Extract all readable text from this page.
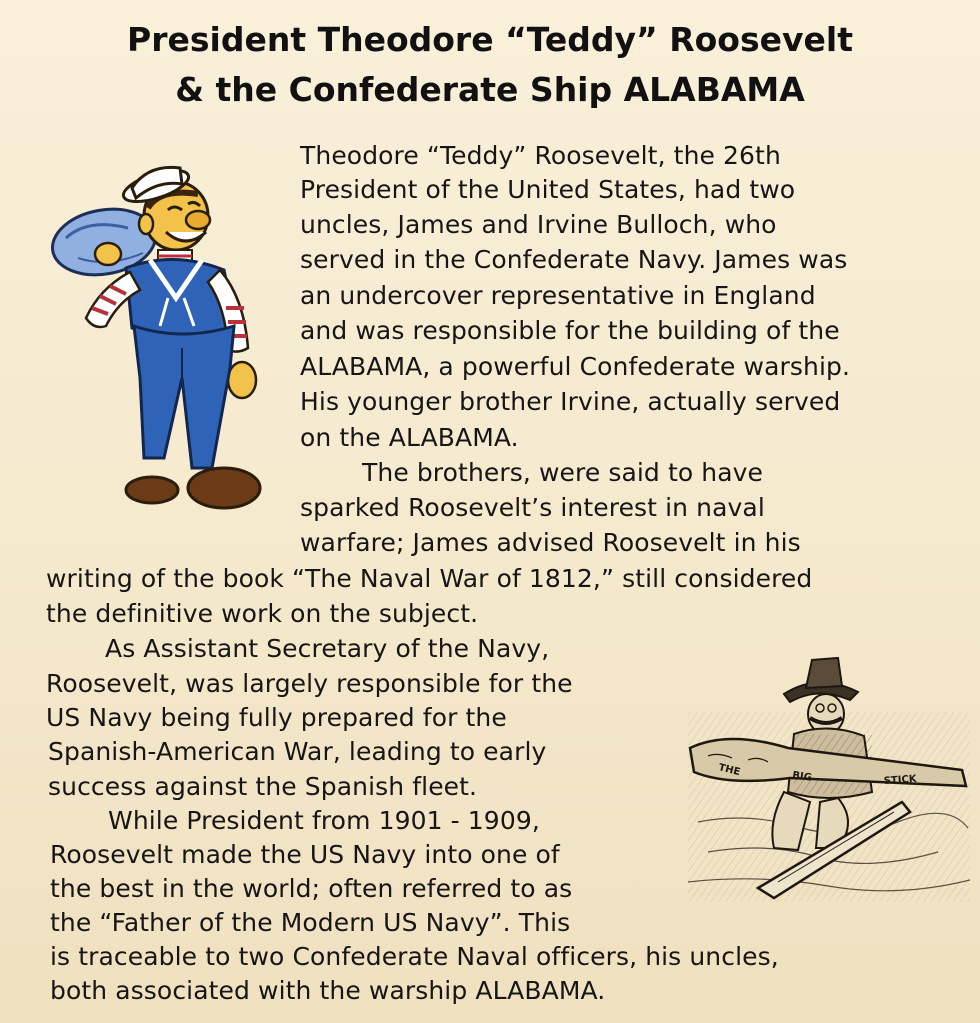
President Theodore “Teddy” Roosevelt
& the Confederate Ship ALABAMA
Theodore “Teddy” Roosevelt, the 26th
President of the United States, had two
uncles, James and Irvine Bulloch, who
served in the Confederate Navy. James was
an undercover representative in England
and was responsible for the building of the
ALABAMA, a powerful Confederate warship.
His younger brother Irvine, actually served
on the ALABAMA.
The brothers, were said to have
sparked Roosevelt’s interest in naval
warfare; James advised Roosevelt in his
writing of the book “The Naval War of 1812,” still considered
the definitive work on the subject.
As Assistant Secretary of the Navy,
Roosevelt, was largely responsible for the
US Navy being fully prepared for the
Spanish-American War, leading to early
success against the Spanish fleet.
While President from 1901 - 1909,
Roosevelt made the US Navy into one of
the best in the world; often referred to as
the “Father of the Modern US Navy”. This
is traceable to two Confederate Naval officers, his uncles,
both associated with the warship ALABAMA.
THE	BIG	STICK
